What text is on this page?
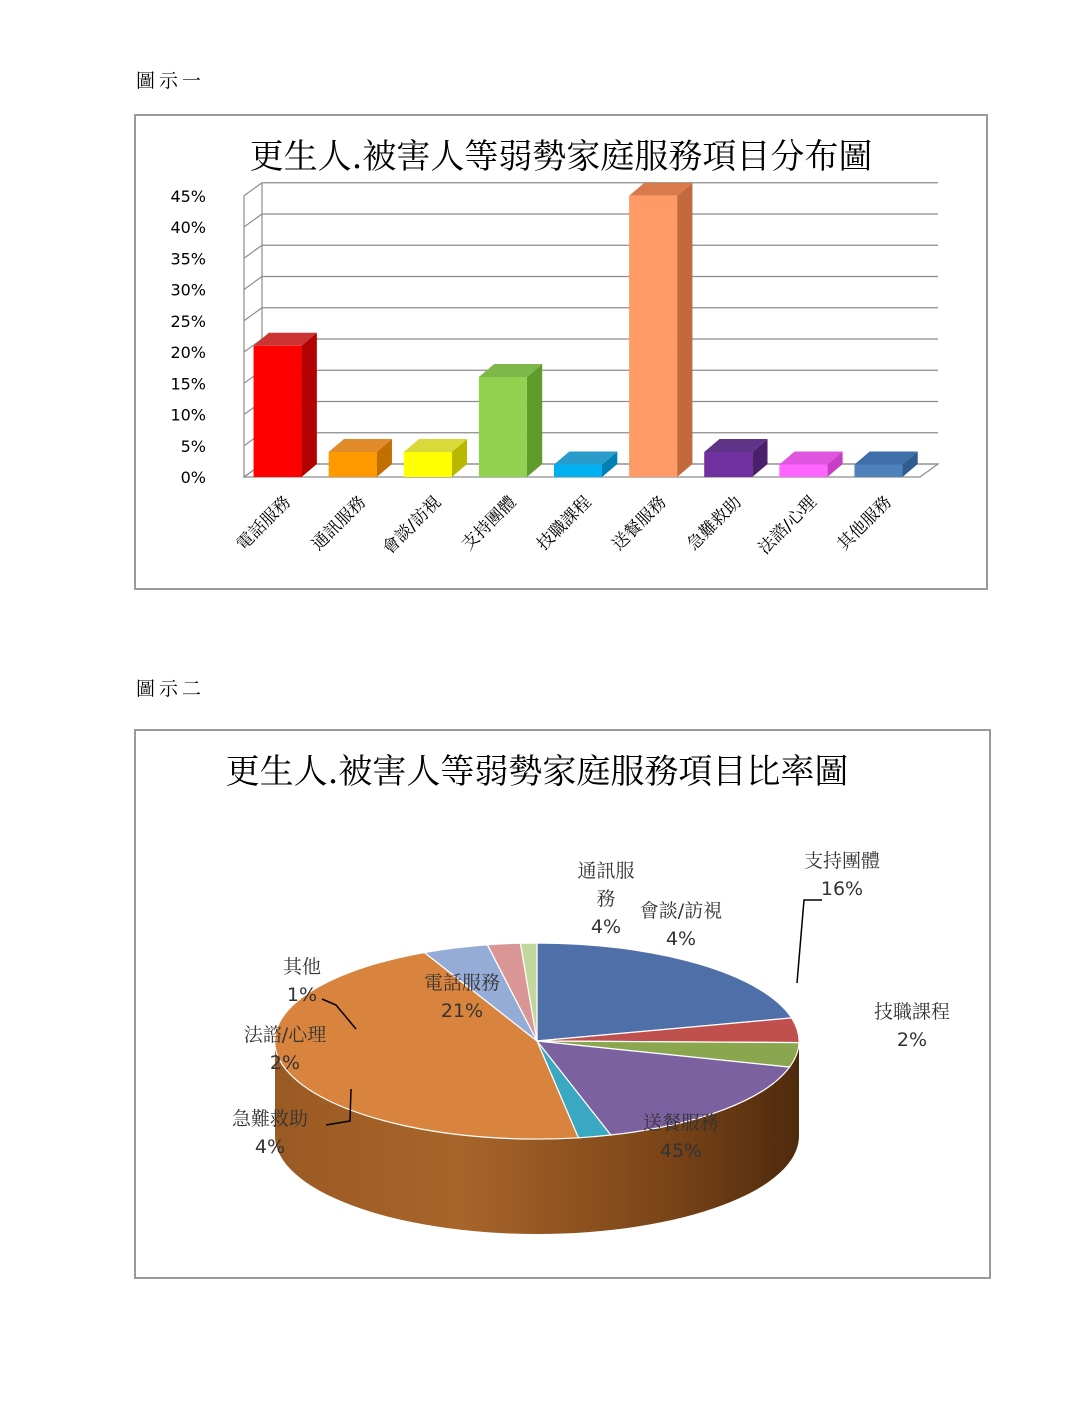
圖示一
更生人.被害人等弱勢家庭服務項目分布圖
0%
5%
10%
15%
20%
25%
30%
35%
40%
45%
電話服務 通訊服務 會談/訪視 支持團體 技職課程 送餐服務 急難救助 法諮/心理 其他服務
圖示二
更生人.被害人等弱勢家庭服務項目比率圖
電話服務
21%
通訊服
務
4%
會談/訪視
4%
支持團體
16%
技職課程
2%
送餐服務
45%
急難救助
4%
法諮/心理
2%
其他
1%
